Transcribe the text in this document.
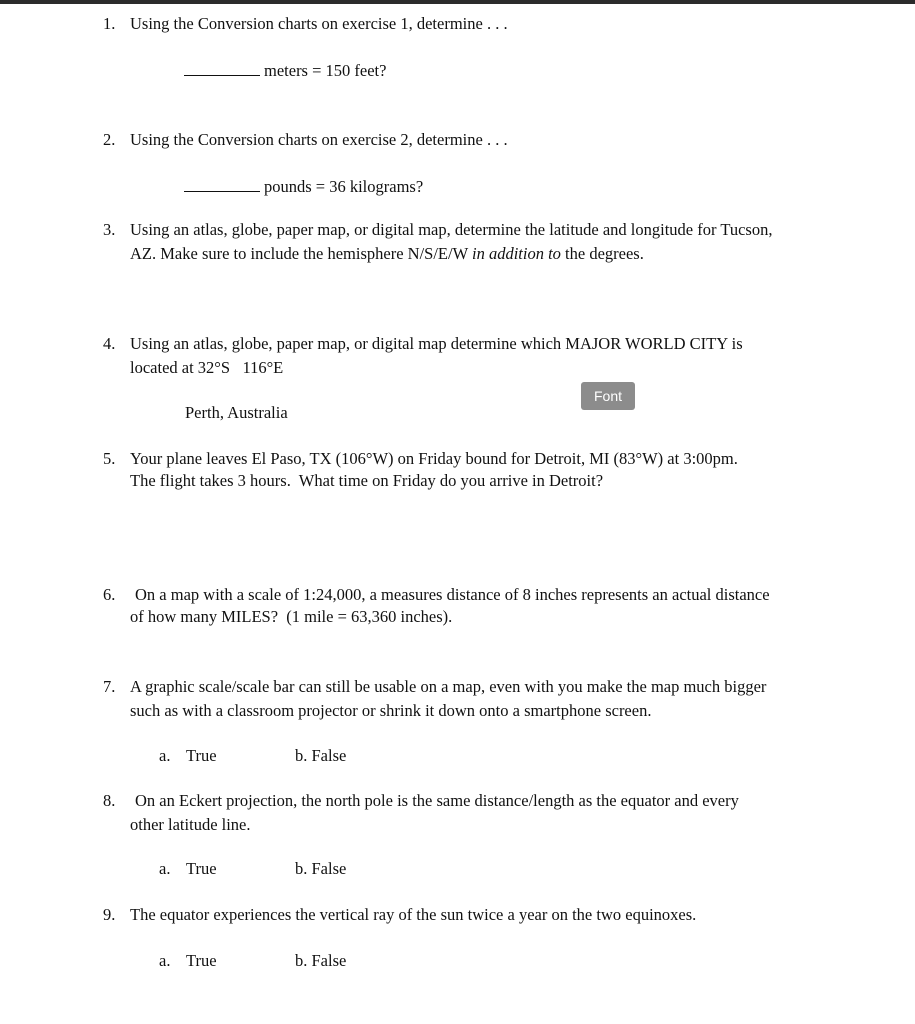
1. Using the Conversion charts on exercise 1, determine . . .
meters = 150 feet?
2. Using the Conversion charts on exercise 2, determine . . .
pounds = 36 kilograms?
3. Using an atlas, globe, paper map, or digital map, determine the latitude and longitude for Tucson,
AZ. Make sure to include the hemisphere N/S/E/W in addition to the degrees.
4. Using an atlas, globe, paper map, or digital map determine which MAJOR WORLD CITY is
located at 32°S   116°E
Perth, Australia
Font
5. Your plane leaves El Paso, TX (106°W) on Friday bound for Detroit, MI (83°W) at 3:00pm.
The flight takes 3 hours.  What time on Friday do you arrive in Detroit?
6. On a map with a scale of 1:24,000, a measures distance of 8 inches represents an actual distance
of how many MILES?  (1 mile = 63,360 inches).
7. A graphic scale/scale bar can still be usable on a map, even with you make the map much bigger
such as with a classroom projector or shrink it down onto a smartphone screen.
a. True	b. False
8. On an Eckert projection, the north pole is the same distance/length as the equator and every
other latitude line.
a. True	b. False
9. The equator experiences the vertical ray of the sun twice a year on the two equinoxes.
a. True	b. False
